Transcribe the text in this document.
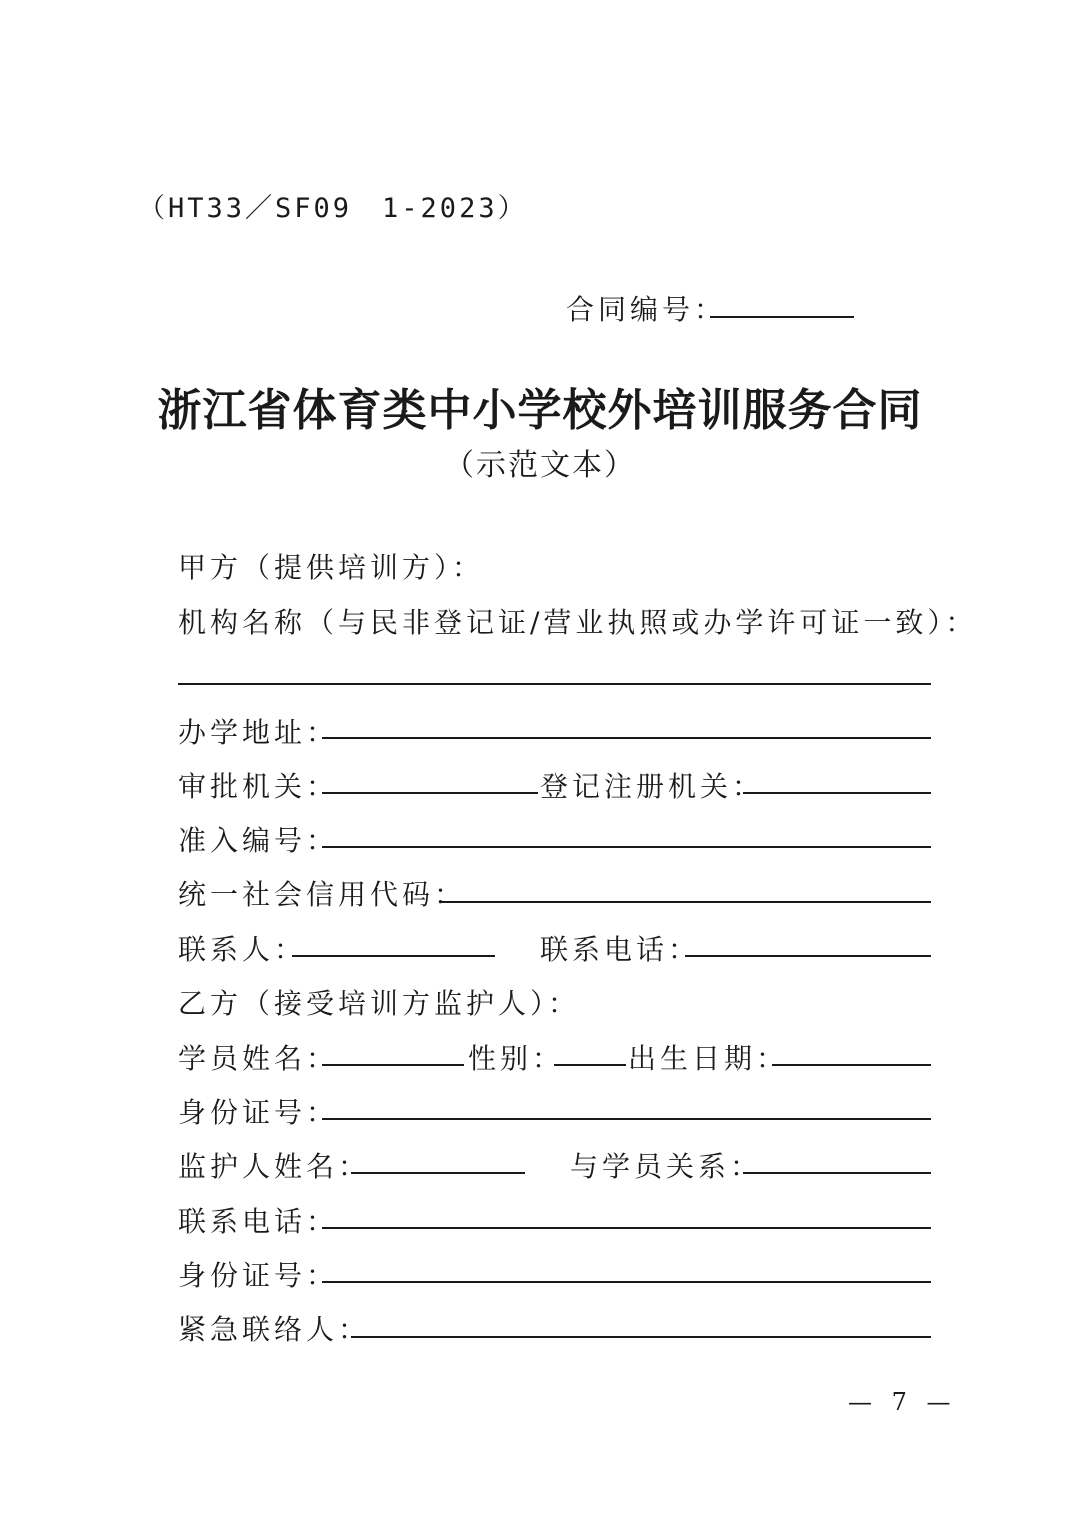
（HT33／SF09　1-2023）
合同编号：
浙江省体育类中小学校外培训服务合同
（示范文本）
甲方（提供培训方）：
机构名称（与民非登记证/营业执照或办学许可证一致）：
办学地址：
审批机关：	登记注册机关：
准入编号：
统一社会信用代码：
联系人：	联系电话：
乙方（接受培训方监护人）：
学员姓名：	性别： 出生日期：
身份证号：
监护人姓名：	与学员关系：
联系电话：
身份证号：
紧急联络人：
— 7 —
